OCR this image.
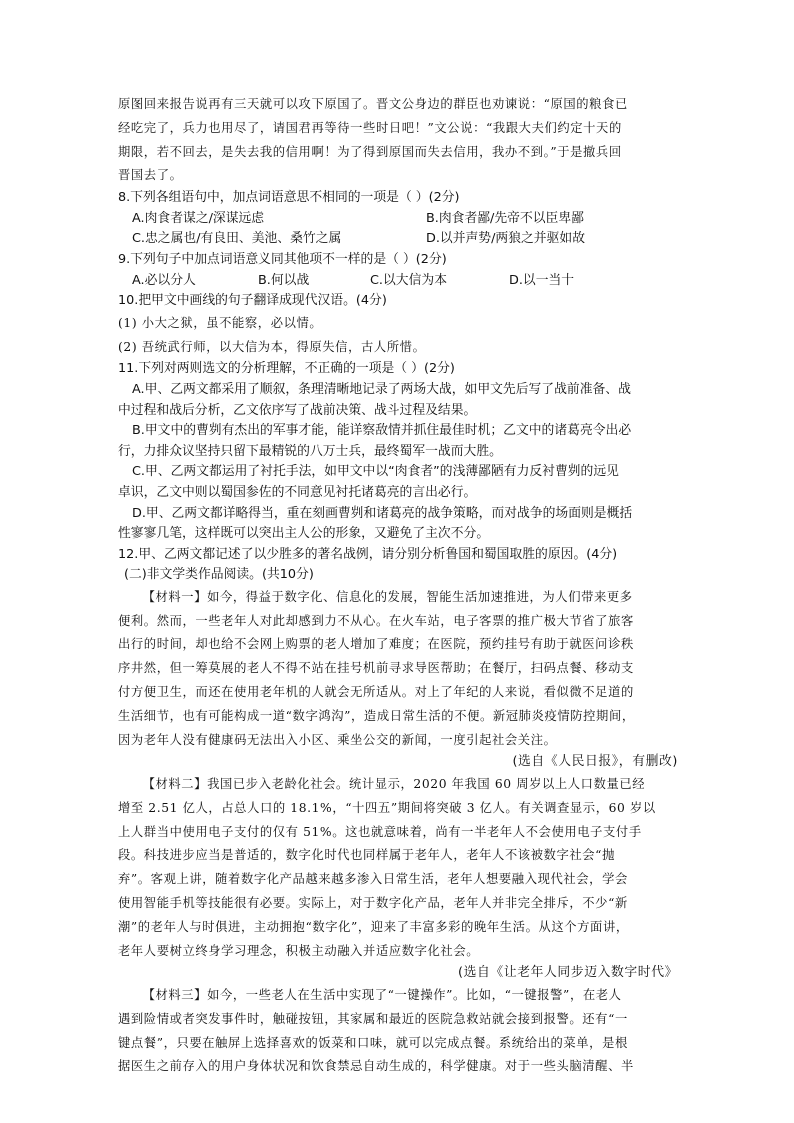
原图回来报告说再有三天就可以攻下原国了。晋文公身边的群臣也劝谏说：“原国的粮食已

经吃完了，兵力也用尽了，请国君再等待一些时日吧！”文公说：“我跟大夫们约定十天的

期限，若不回去，是失去我的信用啊！为了得到原国而失去信用，我办不到。”于是撤兵回

晋国去了。

8.下列各组语句中，加点词语意思不相同的一项是（ ）(2分)

A.肉食者谋之/深谋远虑	B.肉食者鄙/先帝不以臣卑鄙
C.忠之属也/有良田、美池、桑竹之属	D.以并声势/两狼之并驱如故

9.下列句子中加点词语意义同其他项不一样的是（ ）(2分)

A.必以分人	B.何以战	C.以大信为本	D.以一当十

10.把甲文中画线的句子翻译成现代汉语。(4分)

(1) 小大之狱，虽不能察，必以情。

(2) 吾统武行师，以大信为本，得原失信，古人所惜。

11.下列对两则选文的分析理解，不正确的一项是（ ）(2分)

A.甲、乙两文都采用了顺叙，条理清晰地记录了两场大战，如甲文先后写了战前准备、战

中过程和战后分析，乙文依序写了战前决策、战斗过程及结果。

B.甲文中的曹刿有杰出的军事才能，能详察敌情并抓住最佳时机；乙文中的诸葛亮令出必

行，力排众议坚持只留下最精锐的八万士兵，最终蜀军一战而大胜。

C.甲、乙两文都运用了衬托手法，如甲文中以“肉食者”的浅薄鄙陋有力反衬曹刿的远见

卓识，乙文中则以蜀国参佐的不同意见衬托诸葛亮的言出必行。

D.甲、乙两文都详略得当，重在刻画曹刿和诸葛亮的战争策略，而对战争的场面则是概括

性寥寥几笔，这样既可以突出主人公的形象，又避免了主次不分。

12.甲、乙两文都记述了以少胜多的著名战例，请分别分析鲁国和蜀国取胜的原因。(4分)

(二)非文学类作品阅读。(共10分)

【材料一】如今，得益于数字化、信息化的发展，智能生活加速推进，为人们带来更多

便利。然而，一些老年人对此却感到力不从心。在火车站，电子客票的推广极大节省了旅客

出行的时间，却也给不会网上购票的老人增加了难度；在医院，预约挂号有助于就医问诊秩

序井然，但一筹莫展的老人不得不站在挂号机前寻求导医帮助；在餐厅，扫码点餐、移动支

付方便卫生，而还在使用老年机的人就会无所适从。对上了年纪的人来说，看似微不足道的

生活细节，也有可能构成一道“数字鸿沟”，造成日常生活的不便。新冠肺炎疫情防控期间，

因为老年人没有健康码无法出入小区、乘坐公交的新闻，一度引起社会关注。

(选自《人民日报》，有删改)

【材料二】我国已步入老龄化社会。统计显示，2020 年我国 60 周岁以上人口数量已经

增至 2.51 亿人，占总人口的 18.1%，“十四五”期间将突破 3 亿人。有关调查显示，60 岁以

上人群当中使用电子支付的仅有 51%。这也就意味着，尚有一半老年人不会使用电子支付手

段。科技进步应当是普适的，数字化时代也同样属于老年人，老年人不该被数字社会“抛

弃”。客观上讲，随着数字化产品越来越多渗入日常生活，老年人想要融入现代社会，学会

使用智能手机等技能很有必要。实际上，对于数字化产品，老年人并非完全排斥，不少“新

潮”的老年人与时俱进，主动拥抱“数字化”，迎来了丰富多彩的晚年生活。从这个方面讲，

老年人要树立终身学习理念，积极主动融入并适应数字化社会。

(选自《让老年人同步迈入数字时代》

【材料三】如今，一些老人在生活中实现了“一键操作”。比如，“一键报警”，在老人

遇到险情或者突发事件时，触碰按钮，其家属和最近的医院急救站就会接到报警。还有“一

键点餐”，只要在触屏上选择喜欢的饭菜和口味，就可以完成点餐。系统给出的菜单，是根

据医生之前存入的用户身体状况和饮食禁忌自动生成的，科学健康。对于一些头脑清醒、半
